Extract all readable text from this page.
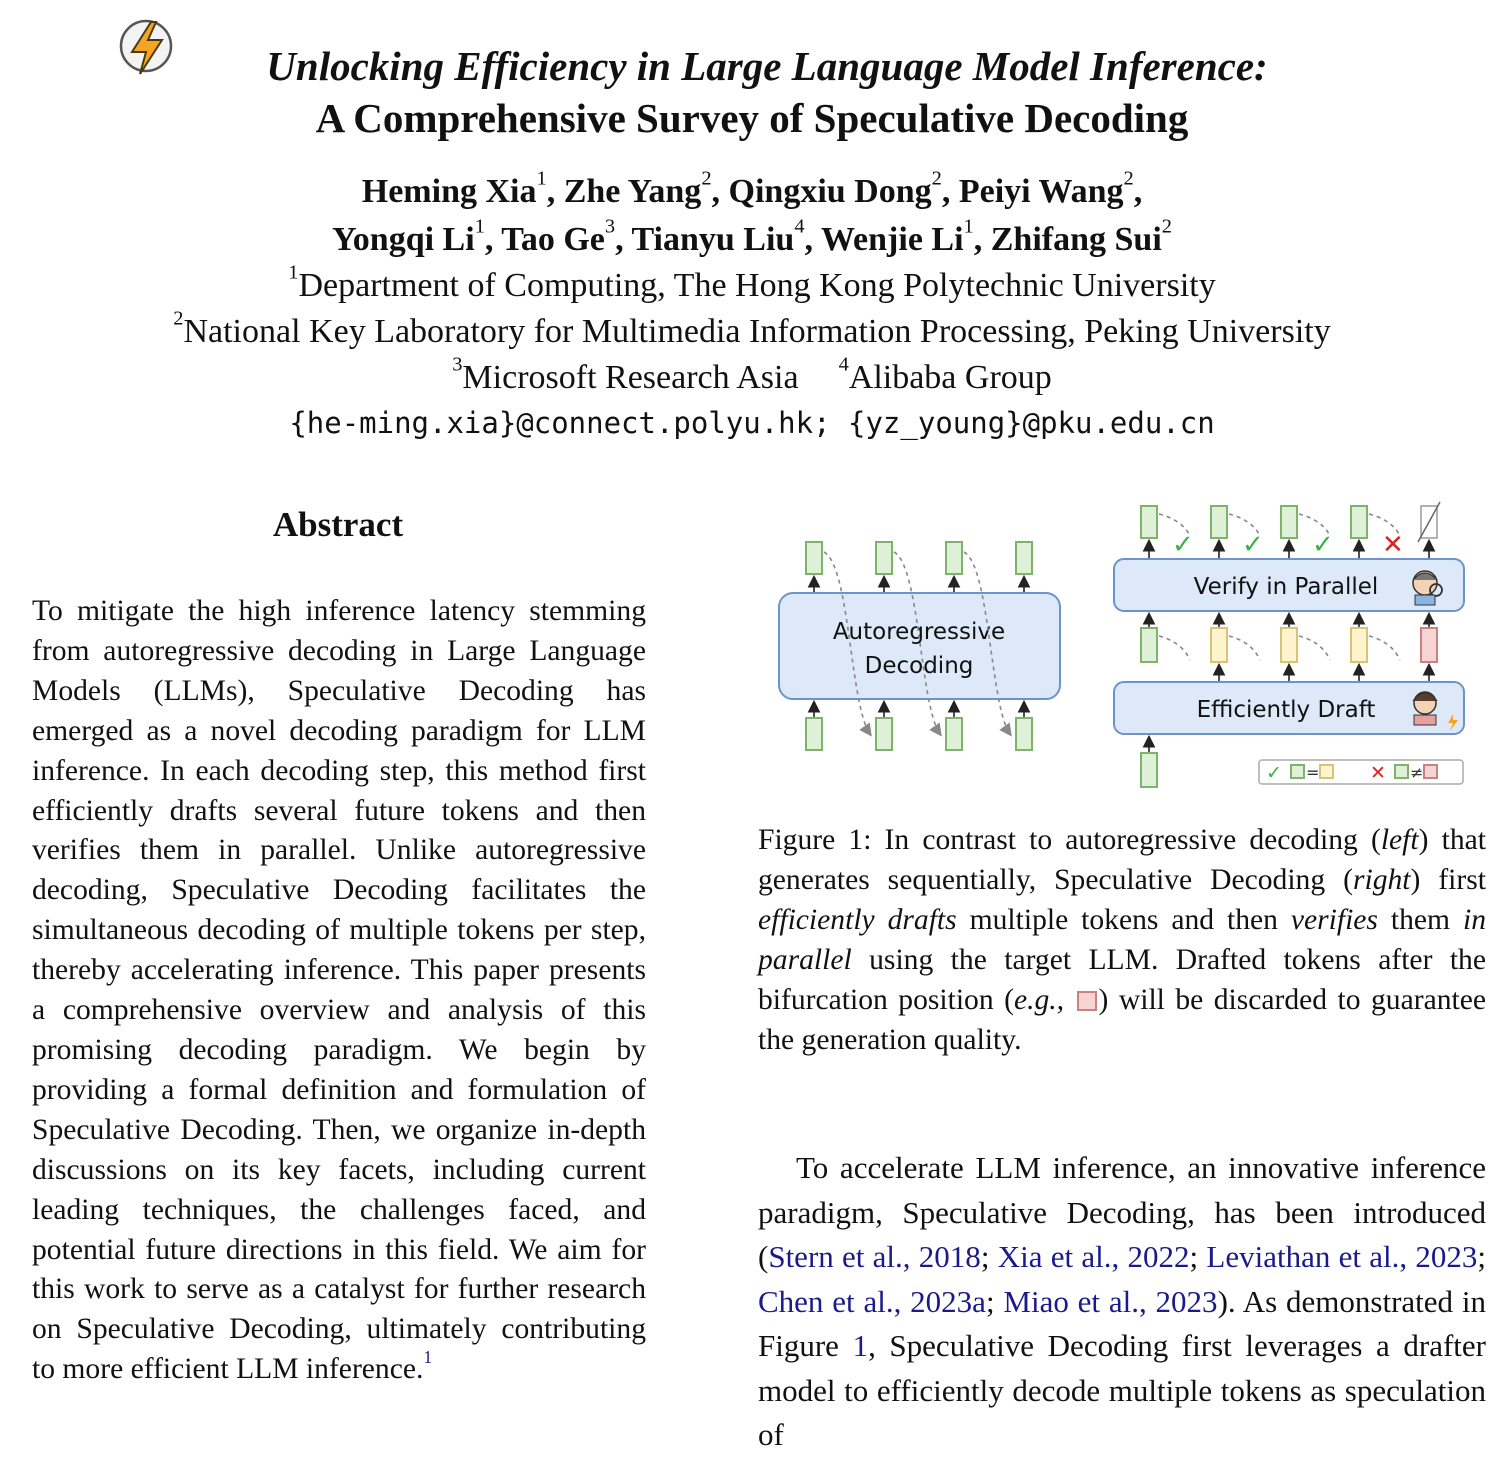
Unlocking Efficiency in Large Language Model Inference:
A Comprehensive Survey of Speculative Decoding
Heming Xia$^1$, Zhe Yang$^2$, Qingxiu Dong$^2$, Peiyi Wang$^2$,
Yongqi Li$^1$, Tao Ge$^3$, Tianyu Liu$^4$, Wenjie Li$^1$, Zhifang Sui$^2$
$^1$Department of Computing, The Hong Kong Polytechnic University
$^2$National Key Laboratory for Multimedia Information Processing, Peking University
$^3$Microsoft Research Asia $^4$Alibaba Group
{he-ming.xia}@connect.polyu.hk; {yz_young}@pku.edu.cn
Abstract

To mitigate the high inference latency stemming from autoregressive decoding in Large Language Models (LLMs), Speculative Decoding has emerged as a novel decoding paradigm for LLM inference. In each decoding step, this method first efficiently drafts several future tokens and then verifies them in parallel. Unlike autoregressive decoding, Speculative Decoding facilitates the simultaneous decoding of multiple tokens per step, thereby accelerating inference. This paper presents a comprehensive overview and analysis of this promising decoding paradigm. We begin by providing a formal definition and formulation of Speculative Decoding. Then, we organize in-depth discussions on its key facets, including current leading techniques, the challenges faced, and potential future directions in this field. We aim for this work to serve as a catalyst for further research on Speculative Decoding, ultimately contributing to more efficient LLM inference.$^1$

Autoregressive
Decoding
Verify in Parallel
Efficiently Draft
✓ ✓ ✓ ✕
✓ =	✕ ≠
Figure 1: In contrast to autoregressive decoding (left) that generates sequentially, Speculative Decoding (right) first efficiently drafts multiple tokens and then verifies them in parallel using the target LLM. Drafted tokens after the bifurcation position (e.g., ) will be discarded to guarantee the generation quality.

To accelerate LLM inference, an innovative inference paradigm, Speculative Decoding, has been introduced (Stern et al., 2018; Xia et al., 2022; Leviathan et al., 2023; Chen et al., 2023a; Miao et al., 2023). As demonstrated in Figure 1, Speculative Decoding first leverages a drafter model to efficiently decode multiple tokens as speculation of
